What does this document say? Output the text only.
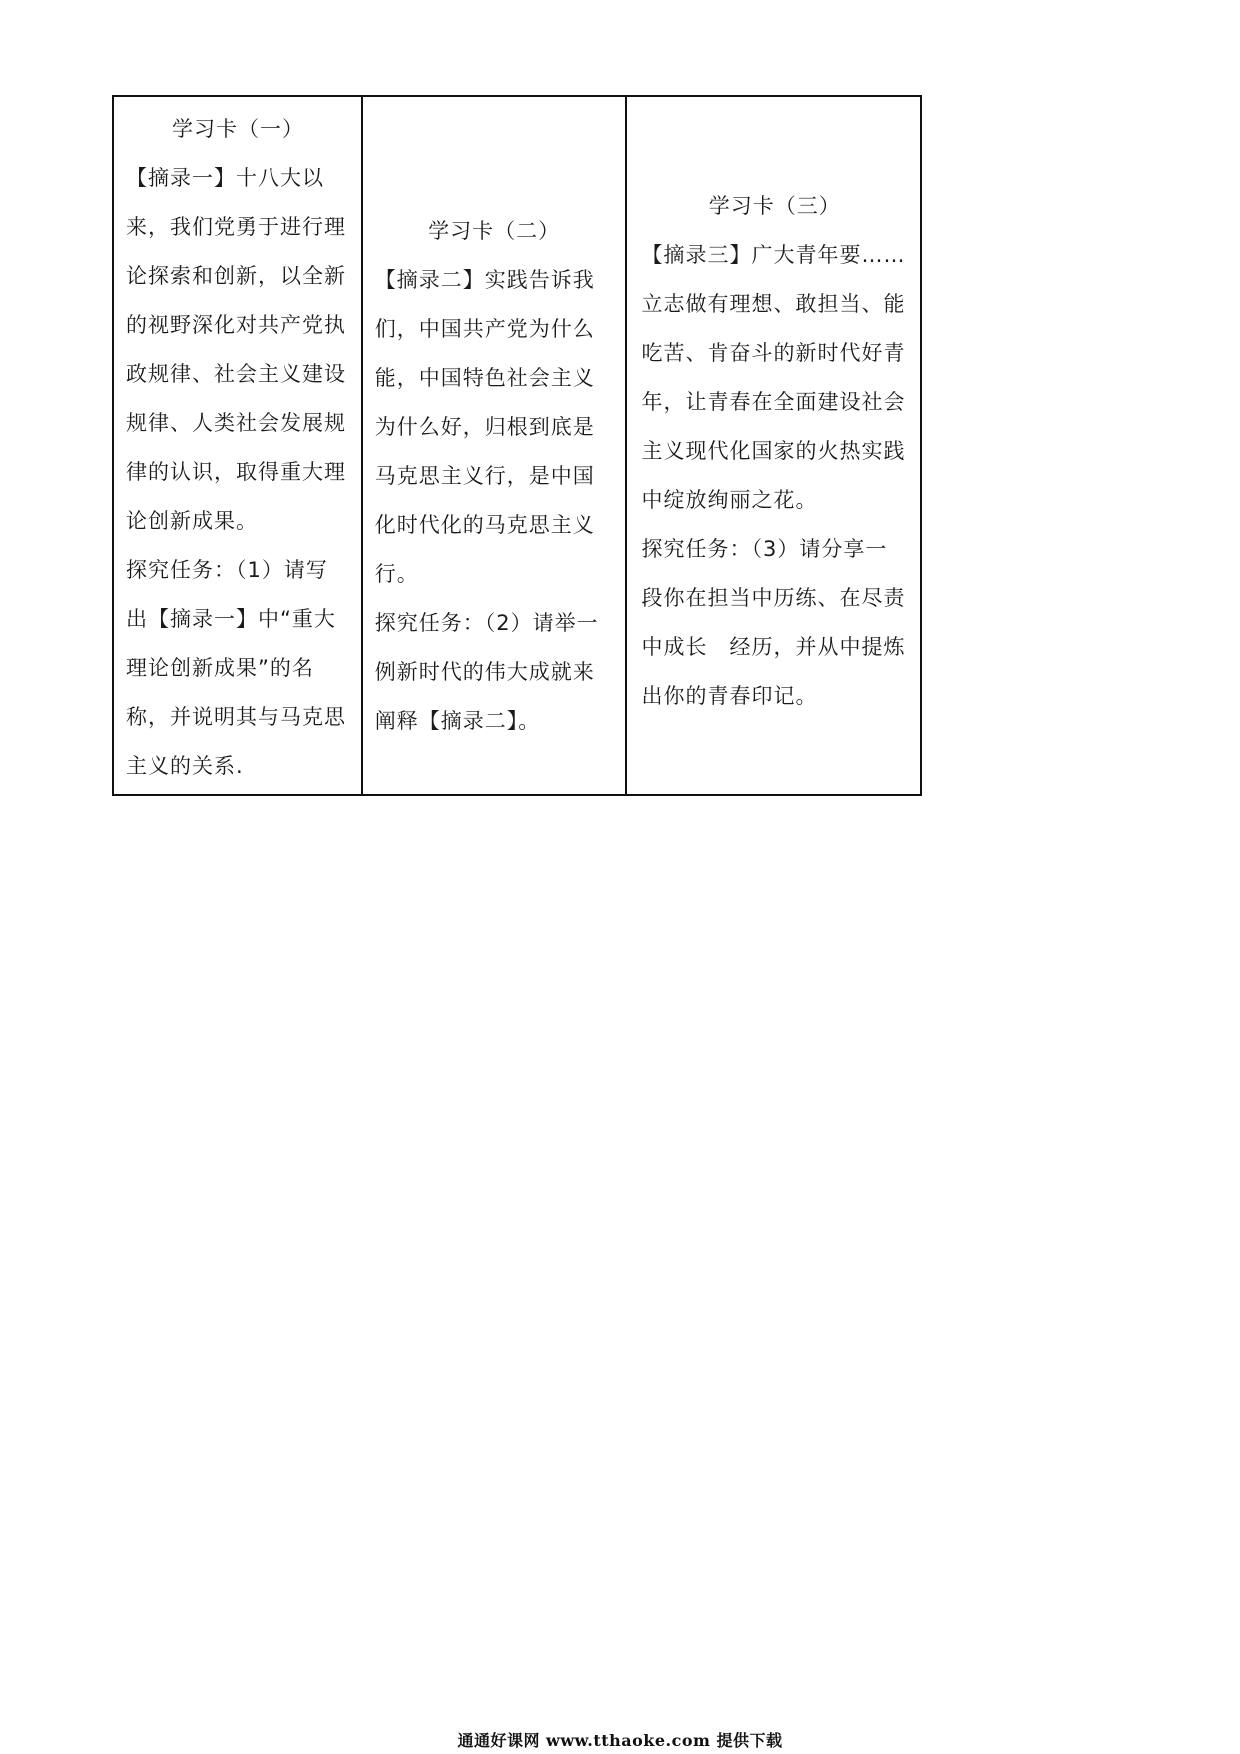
学习卡（一）

【摘录一】十八大以来，我们党勇于进行理论探索和创新，以全新的视野深化对共产党执政规律、社会主义建设规律、人类社会发展规律的认识，取得重大理论创新成果。

探究任务：（1）请写出【摘录一】中“重大理论创新成果”的名称，并说明其与马克思主义的关系.

学习卡（二）

【摘录二】实践告诉我们，中国共产党为什么能，中国特色社会主义为什么好，归根到底是马克思主义行，是中国化时代化的马克思主义行。

探究任务：（2）请举一例新时代的伟大成就来阐释【摘录二】。

学习卡（三）

【摘录三】广大青年要……立志做有理想、敢担当、能吃苦、肯奋斗的新时代好青年，让青春在全面建设社会主义现代化国家的火热实践中绽放绚丽之花。

探究任务：（3）请分享一段你在担当中历练、在尽责中成长　经历，并从中提炼出你的青春印记。

通通好课网 www.tthaoke.com 提供下载
